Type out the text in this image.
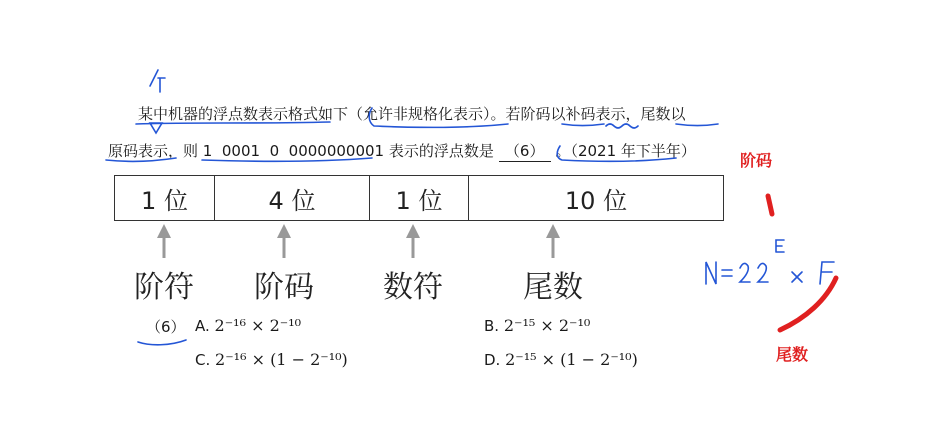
某中机器的浮点数表示格式如下（允许非规格化表示）。若阶码以补码表示，尾数以
原码表示，则 1  0001  0  0000000001 表示的浮点数是 （6） 。（2021 年下半年）
1 位	4 位	1 位	10 位
阶符	阶码	数符	尾数
（6） A. 2⁻¹⁶ × 2⁻¹⁰	B. 2⁻¹⁵ × 2⁻¹⁰
C. 2⁻¹⁶ × (1 − 2⁻¹⁰)	D. 2⁻¹⁵ × (1 − 2⁻¹⁰)
阶码
尾数
